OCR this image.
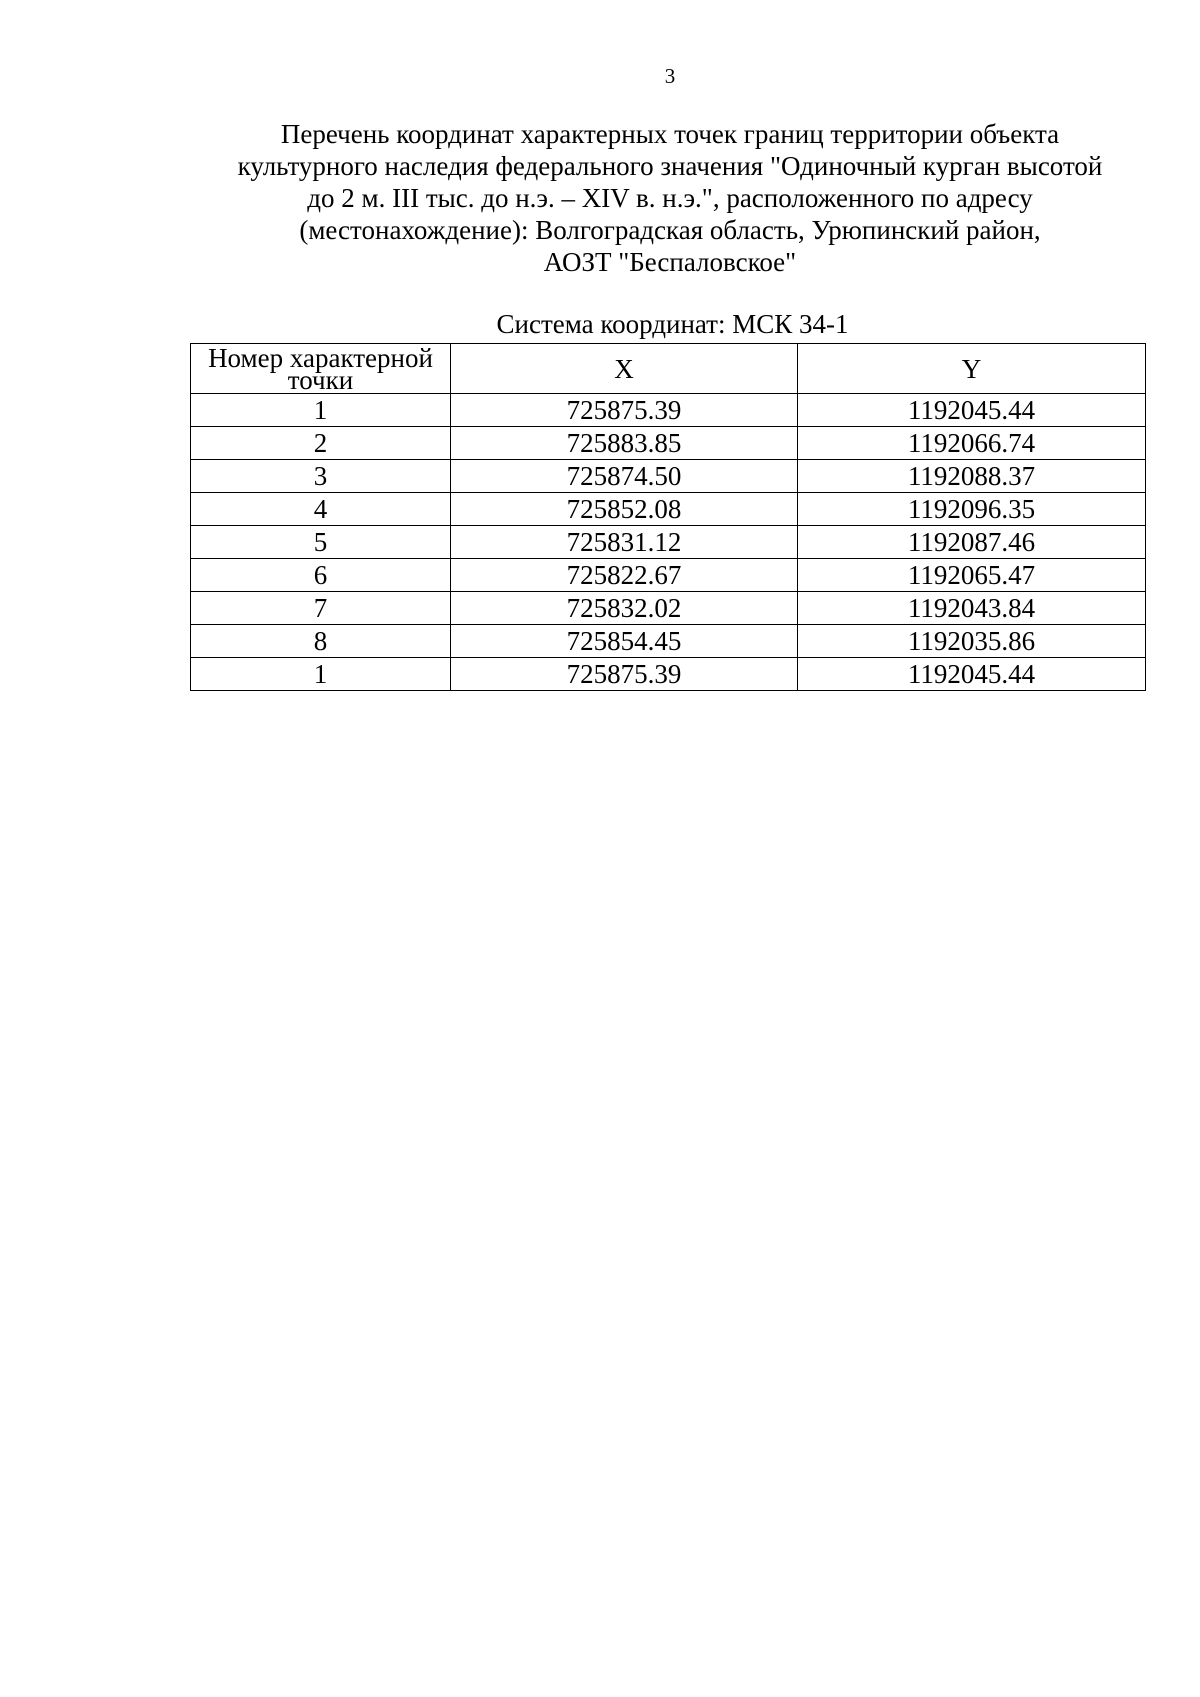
3
Перечень координат характерных точек границ территории объекта
культурного наследия федерального значения "Одиночный курган высотой
до 2 м. III тыс. до н.э. – XIV в. н.э.", расположенного по адресу
(местонахождение): Волгоградская область, Урюпинский район,
АОЗТ "Беспаловское"
Система координат: МСК 34-1
Номер характерной точки	X	Y
1	725875.39	1192045.44
2	725883.85	1192066.74
3	725874.50	1192088.37
4	725852.08	1192096.35
5	725831.12	1192087.46
6	725822.67	1192065.47
7	725832.02	1192043.84
8	725854.45	1192035.86
1	725875.39	1192045.44
